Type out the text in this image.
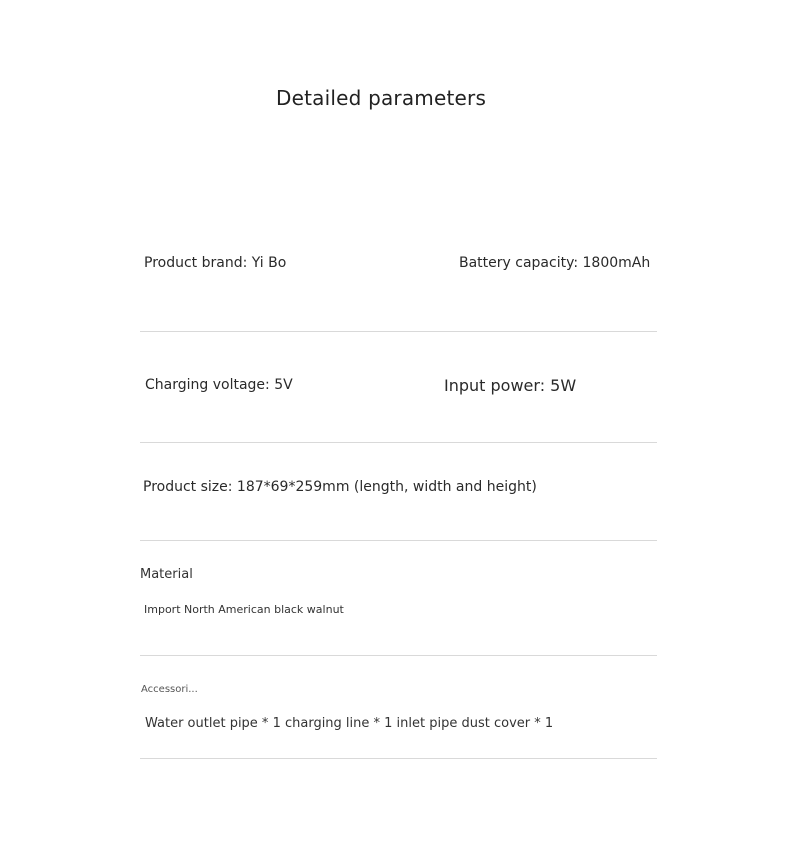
Detailed parameters
Product brand: Yi Bo	Battery capacity: 1800mAh
Charging voltage: 5V	Input power: 5W
Product size: 187*69*259mm (length, width and height)
Material
Import North American black walnut
Accessori...
Water outlet pipe * 1 charging line * 1 inlet pipe dust cover * 1
